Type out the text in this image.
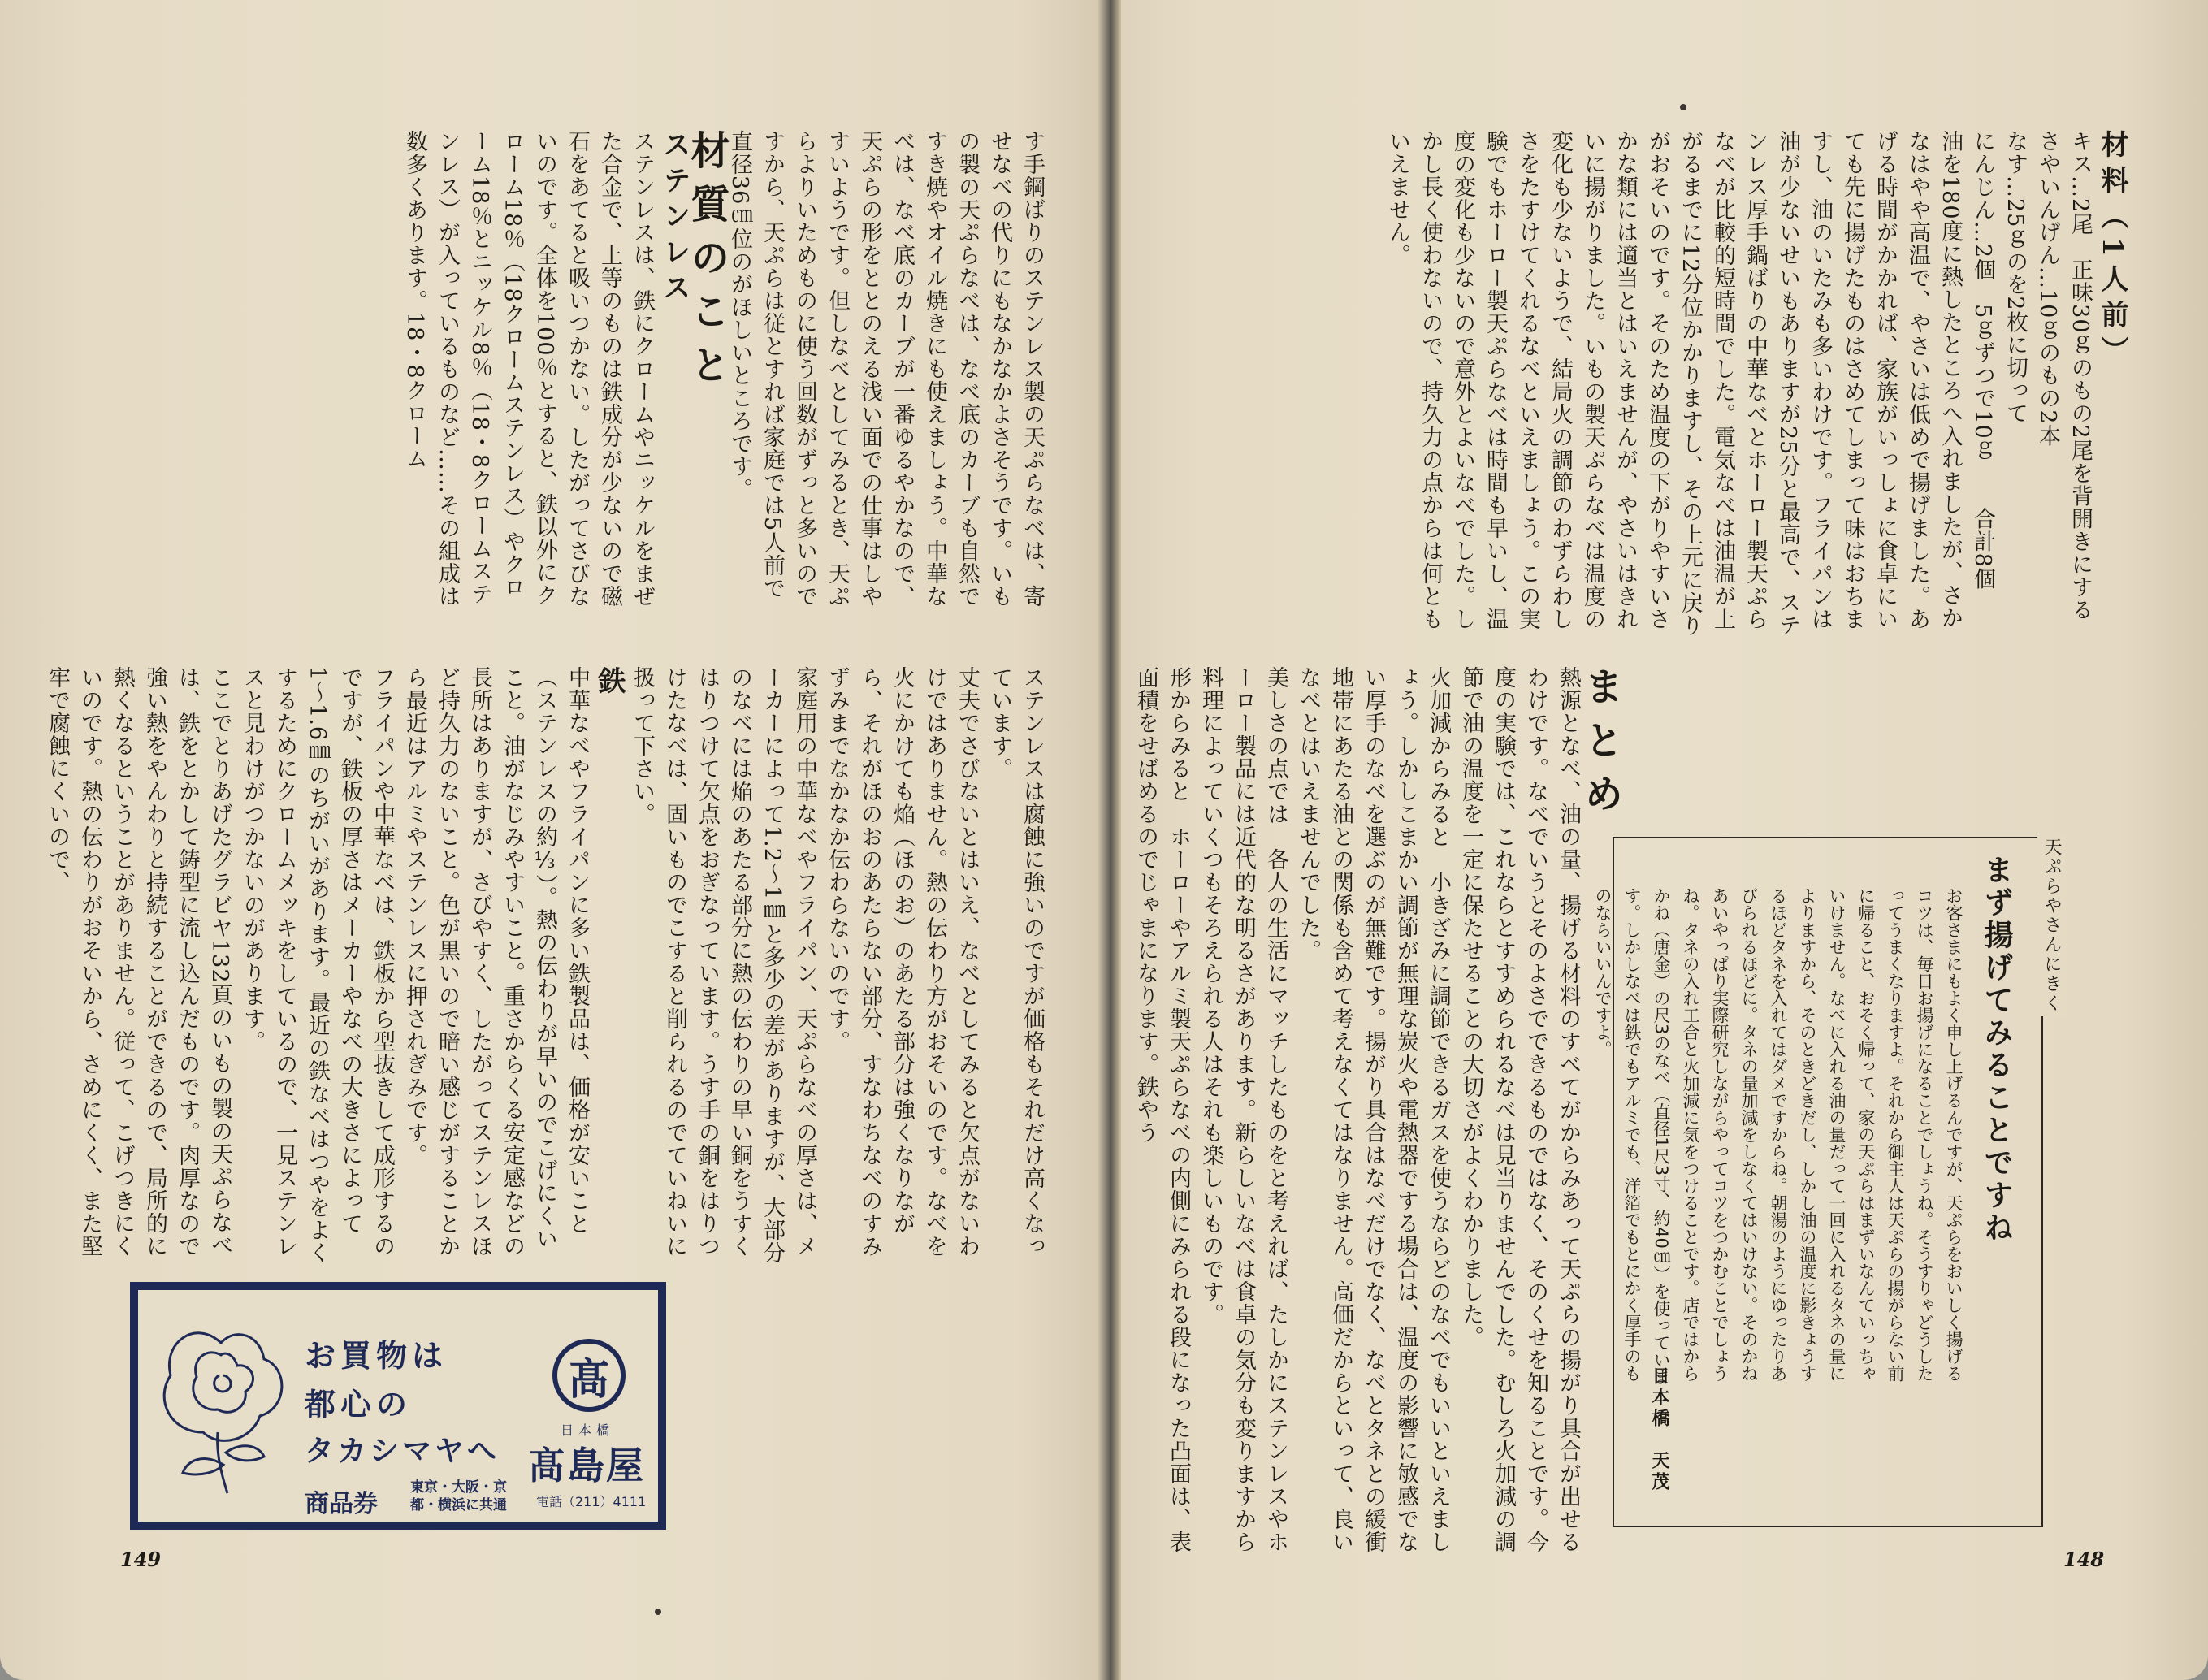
材料（1人前）
キス…2尾　正味30ｇのもの2尾を背開きにする
さやいんげん…10ｇのもの2本
なす…25ｇのを2枚に切って
にんじん…2個　5ｇずつで10ｇ　　合計8個
油を180度に熱したところへ入れましたが、さかなはやや高温で、やさいは低めで揚げました。あげる時間がかかれば、家族がいっしょに食卓にいても先に揚げたものはさめてしまって味はおちますし、油のいたみも多いわけです。フライパンは油が少ないせいもありますが25分と最高で、ステンレス厚手鍋ばりの中華なべとホーロー製天ぷらなべが比較的短時間でした。電気なべは油温が上がるまでに12分位かかりますし、その上元に戻りがおそいのです。そのため温度の下がりやすいさかな類には適当とはいえませんが、やさいはきれいに揚がりました。いもの製天ぷらなべは温度の変化も少ないようで、結局火の調節のわずらわしさをたすけてくれるなべといえましょう。この実験でもホーロー製天ぷらなべは時間も早いし、温度の変化も少ないので意外とよいなべでした。しかし長く使わないので、持久力の点からは何ともいえません。
まとめ
熱源となべ、油の量、揚げる材料のすべてがからみあって天ぷらの揚がり具合が出せるわけです。なべでいうとそのよさでできるものではなく、そのくせを知ることです。今度の実験では、これならとすすめられるなべは見当りませんでした。むしろ火加減の調節で油の温度を一定に保たせることの大切さがよくわかりました。
火加減からみると　小きざみに調節できるガスを使うならどのなべでもいいといえましょう。しかしこまかい調節が無理な炭火や電熱器でする場合は、温度の影響に敏感でない厚手のなべを選ぶのが無難です。揚がり具合はなべだけでなく、なべとタネとの緩衝地帯にあたる油との関係も含めて考えなくてはなりません。高価だからといって、良いなべとはいえませんでした。
美しさの点では　各人の生活にマッチしたものをと考えれば、たしかにステンレスやホーロー製品には近代的な明るさがあります。新らしいなべは食卓の気分も変りますから料理によっていくつもそろえられる人はそれも楽しいものです。
形からみると　ホーローやアルミ製天ぷらなべの内側にみられる段になった凸面は、表面積をせばめるのでじゃまになります。鉄やう	天ぷらやさんにきく
まず揚げてみることですね
お客さまにもよく申し上げるんですが、天ぷらをおいしく揚げるコツは、毎日お揚げになることでしょうね。そうすりゃどうしたってうまくなりますよ。それから御主人は天ぷらの揚がらない前に帰ること、おそく帰って、家の天ぷらはまずいなんていっちゃいけません。なべに入れる油の量だって一回に入れるタネの量によりますから、そのときどきだし、しかし油の温度に影きょうするほどタネを入れてはダメですからね。朝湯のようにゆったりあびられるほどに。タネの量加減をしなくてはいけない。そのかねあいやっぱり実際研究しながらやってコツをつかむことでしょうね。タネの入れ工合と火加減に気をつけることです。店ではからかね（唐金）の尺3のなべ（直径1尺3寸、約40㎝）を使っています。しかしなべは鉄でもアルミでも、洋箔でもとにかく厚手のものならいいんですよ。
日本橋　天茂
148
す手鋼ばりのステンレス製の天ぷらなべは、寄せなべの代りにもなかなかよさそうです。いもの製の天ぷらなべは、なべ底のカーブも自然ですき焼やオイル焼きにも使えましょう。中華なべは、なべ底のカーブが一番ゆるやかなので、天ぷらの形をととのえる浅い面での仕事はしやすいようです。但しなべとしてみるとき、天ぷらよりいためものに使う回数がずっと多いのですから、天ぷらは従とすれば家庭では5人前で直径36㎝位のがほしいところです。
材質のこと
ステンレス
ステンレスは、鉄にクロームやニッケルをまぜた合金で、上等のものは鉄成分が少ないので磁石をあてると吸いつかない。したがってさびないのです。全体を100％とすると、鉄以外にクローム18％（18クロームステンレス）やクローム18％とニッケル8％（18・8クロームステンレス）が入っているものなど……その組成は数多くあります。18・8クローム
ステンレスは腐蝕に強いのですが価格もそれだけ高くなっています。
丈夫でさびないとはいえ、なべとしてみると欠点がないわけではありません。熱の伝わり方がおそいのです。なべを火にかけても焔（ほのお）のあたる部分は強くなりながら、それがほのおのあたらない部分、すなわちなべのすみずみまでなかなか伝わらないのです。
家庭用の中華なべやフライパン、天ぷらなべの厚さは、メーカーによって1.2〜1㎜と多少の差がありますが、大部分のなべには焔のあたる部分に熱の伝わりの早い銅をうすくはりつけて欠点をおぎなっています。うす手の銅をはりつけたなべは、固いものでこすると削られるのでていねいに扱って下さい。
鉄
中華なべやフライパンに多い鉄製品は、価格が安いこと（ステンレスの約⅓）。熱の伝わりが早いのでこげにくいこと。油がなじみやすいこと。重さからくる安定感などの長所はありますが、さびやすく、したがってステンレスほど持久力のないこと。色が黒いので暗い感じがすることから最近はアルミやステンレスに押されぎみです。
フライパンや中華なべは、鉄板から型抜きして成形するのですが、鉄板の厚さはメーカーやなべの大きさによって1〜1.6㎜のちがいがあります。最近の鉄なべはつやをよくするためにクロームメッキをしているので、一見ステンレスと見わけがつかないのがあります。
ここでとりあげたグラビヤ132頁のいもの製の天ぷらなべは、鉄をとかして鋳型に流し込んだものです。肉厚なので強い熱をやんわりと持続することができるので、局所的に熱くなるということがありません。従って、こげつきにくいのです。熱の伝わりがおそいから、さめにくく、また堅牢で腐蝕にくいので、
お買物は
都心の
タカシマヤへ
商品券
東京・大阪・京都・横浜に共通
髙
日本橋
髙島屋
電話（211）4111
149
